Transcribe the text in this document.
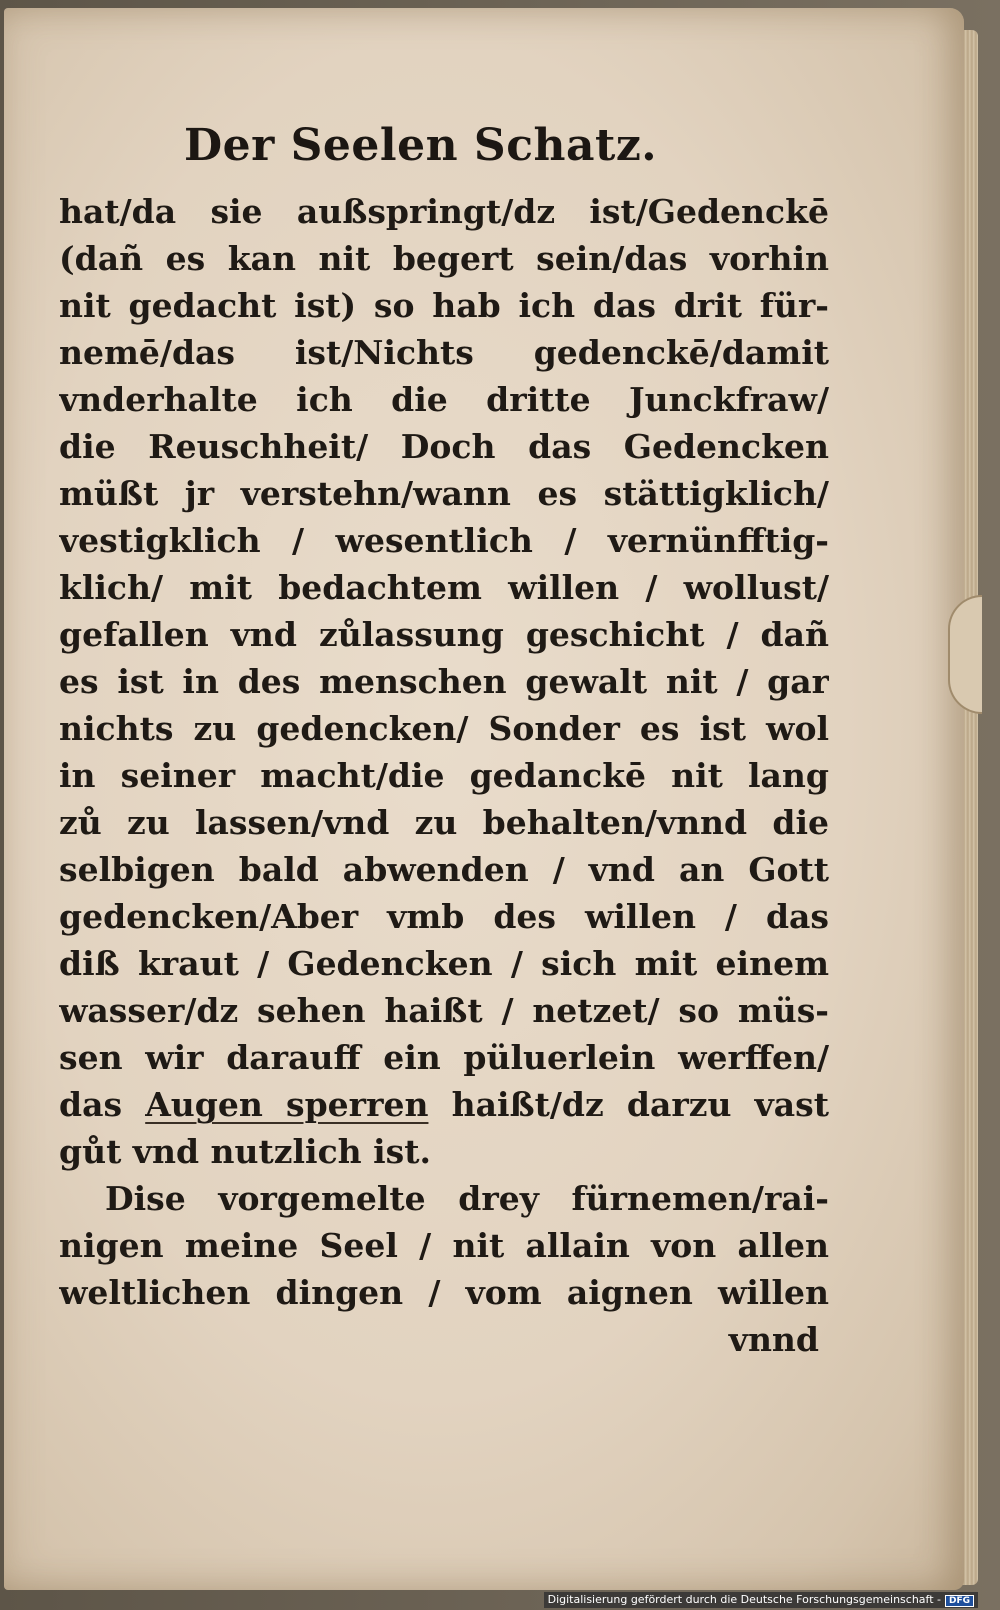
Der Seelen Schatz.
hat/da sie außspringt/dz ist/Gedenckē
(dañ es kan nit begert sein/das vorhin
nit gedacht ist) so hab ich das drit für-
nemē/das ist/Nichts gedenckē/damit
vnderhalte ich die dritte Junckfraw/
die Reuschheit/ Doch das Gedencken
müßt jr verstehn/wann es stättigklich/
vestigklich / wesentlich / vernünfftig-
klich/ mit bedachtem willen / wollust/
gefallen vnd zůlassung geschicht / dañ
es ist in des menschen gewalt nit / gar
nichts zu gedencken/ Sonder es ist wol
in seiner macht/die gedanckē nit lang
zů zu lassen/vnd zu behalten/vnnd die
selbigen bald abwenden / vnd an Gott
gedencken/Aber vmb des willen / das
diß kraut / Gedencken / sich mit einem
wasser/dz sehen haißt / netzet/ so müs-
sen wir darauff ein püluerlein werffen/
das Augen sperren haißt/dz darzu vast
gůt vnd nutzlich ist.
Dise vorgemelte drey fürnemen/rai-
nigen meine Seel / nit allain von allen
weltlichen dingen / vom aignen willen
vnnd
Digitalisierung gefördert durch die Deutsche Forschungsgemeinschaft - DFG
